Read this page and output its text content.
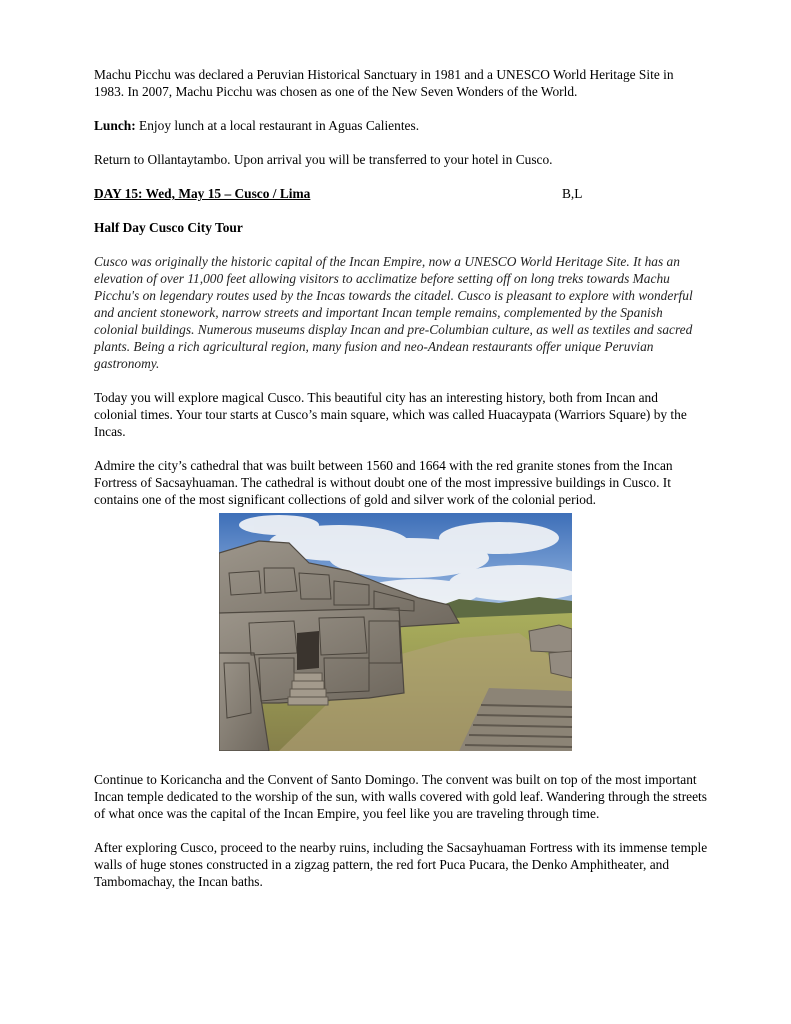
Machu Picchu was declared a Peruvian Historical Sanctuary in 1981 and a UNESCO World Heritage Site in 1983. In 2007, Machu Picchu was chosen as one of the New Seven Wonders of the World.

Lunch: Enjoy lunch at a local restaurant in Aguas Calientes.

Return to Ollantaytambo. Upon arrival you will be transferred to your hotel in Cusco.

DAY 15: Wed, May 15 – Cusco / Lima	B,L

Half Day Cusco City Tour

Cusco was originally the historic capital of the Incan Empire, now a UNESCO World Heritage Site. It has an elevation of over 11,000 feet allowing visitors to acclimatize before setting off on long treks towards Machu Picchu's on legendary routes used by the Incas towards the citadel. Cusco is pleasant to explore with wonderful and ancient stonework, narrow streets and important Incan temple remains, complemented by the Spanish colonial buildings. Numerous museums display Incan and pre-Columbian culture, as well as textiles and sacred plants. Being a rich agricultural region, many fusion and neo-Andean restaurants offer unique Peruvian gastronomy.

Today you will explore magical Cusco. This beautiful city has an interesting history, both from Incan and colonial times. Your tour starts at Cusco’s main square, which was called Huacaypata (Warriors Square) by the Incas.

Admire the city’s cathedral that was built between 1560 and 1664 with the red granite stones from the Incan Fortress of Sacsayhuaman. The cathedral is without doubt one of the most impressive buildings in Cusco. It contains one of the most significant collections of gold and silver work of the colonial period.

Continue to Koricancha and the Convent of Santo Domingo. The convent was built on top of the most important Incan temple dedicated to the worship of the sun, with walls covered with gold leaf. Wandering through the streets of what once was the capital of the Incan Empire, you feel like you are traveling through time.

After exploring Cusco, proceed to the nearby ruins, including the Sacsayhuaman Fortress with its immense temple walls of huge stones constructed in a zigzag pattern, the red fort Puca Pucara, the Denko Amphitheater, and Tambomachay, the Incan baths.
